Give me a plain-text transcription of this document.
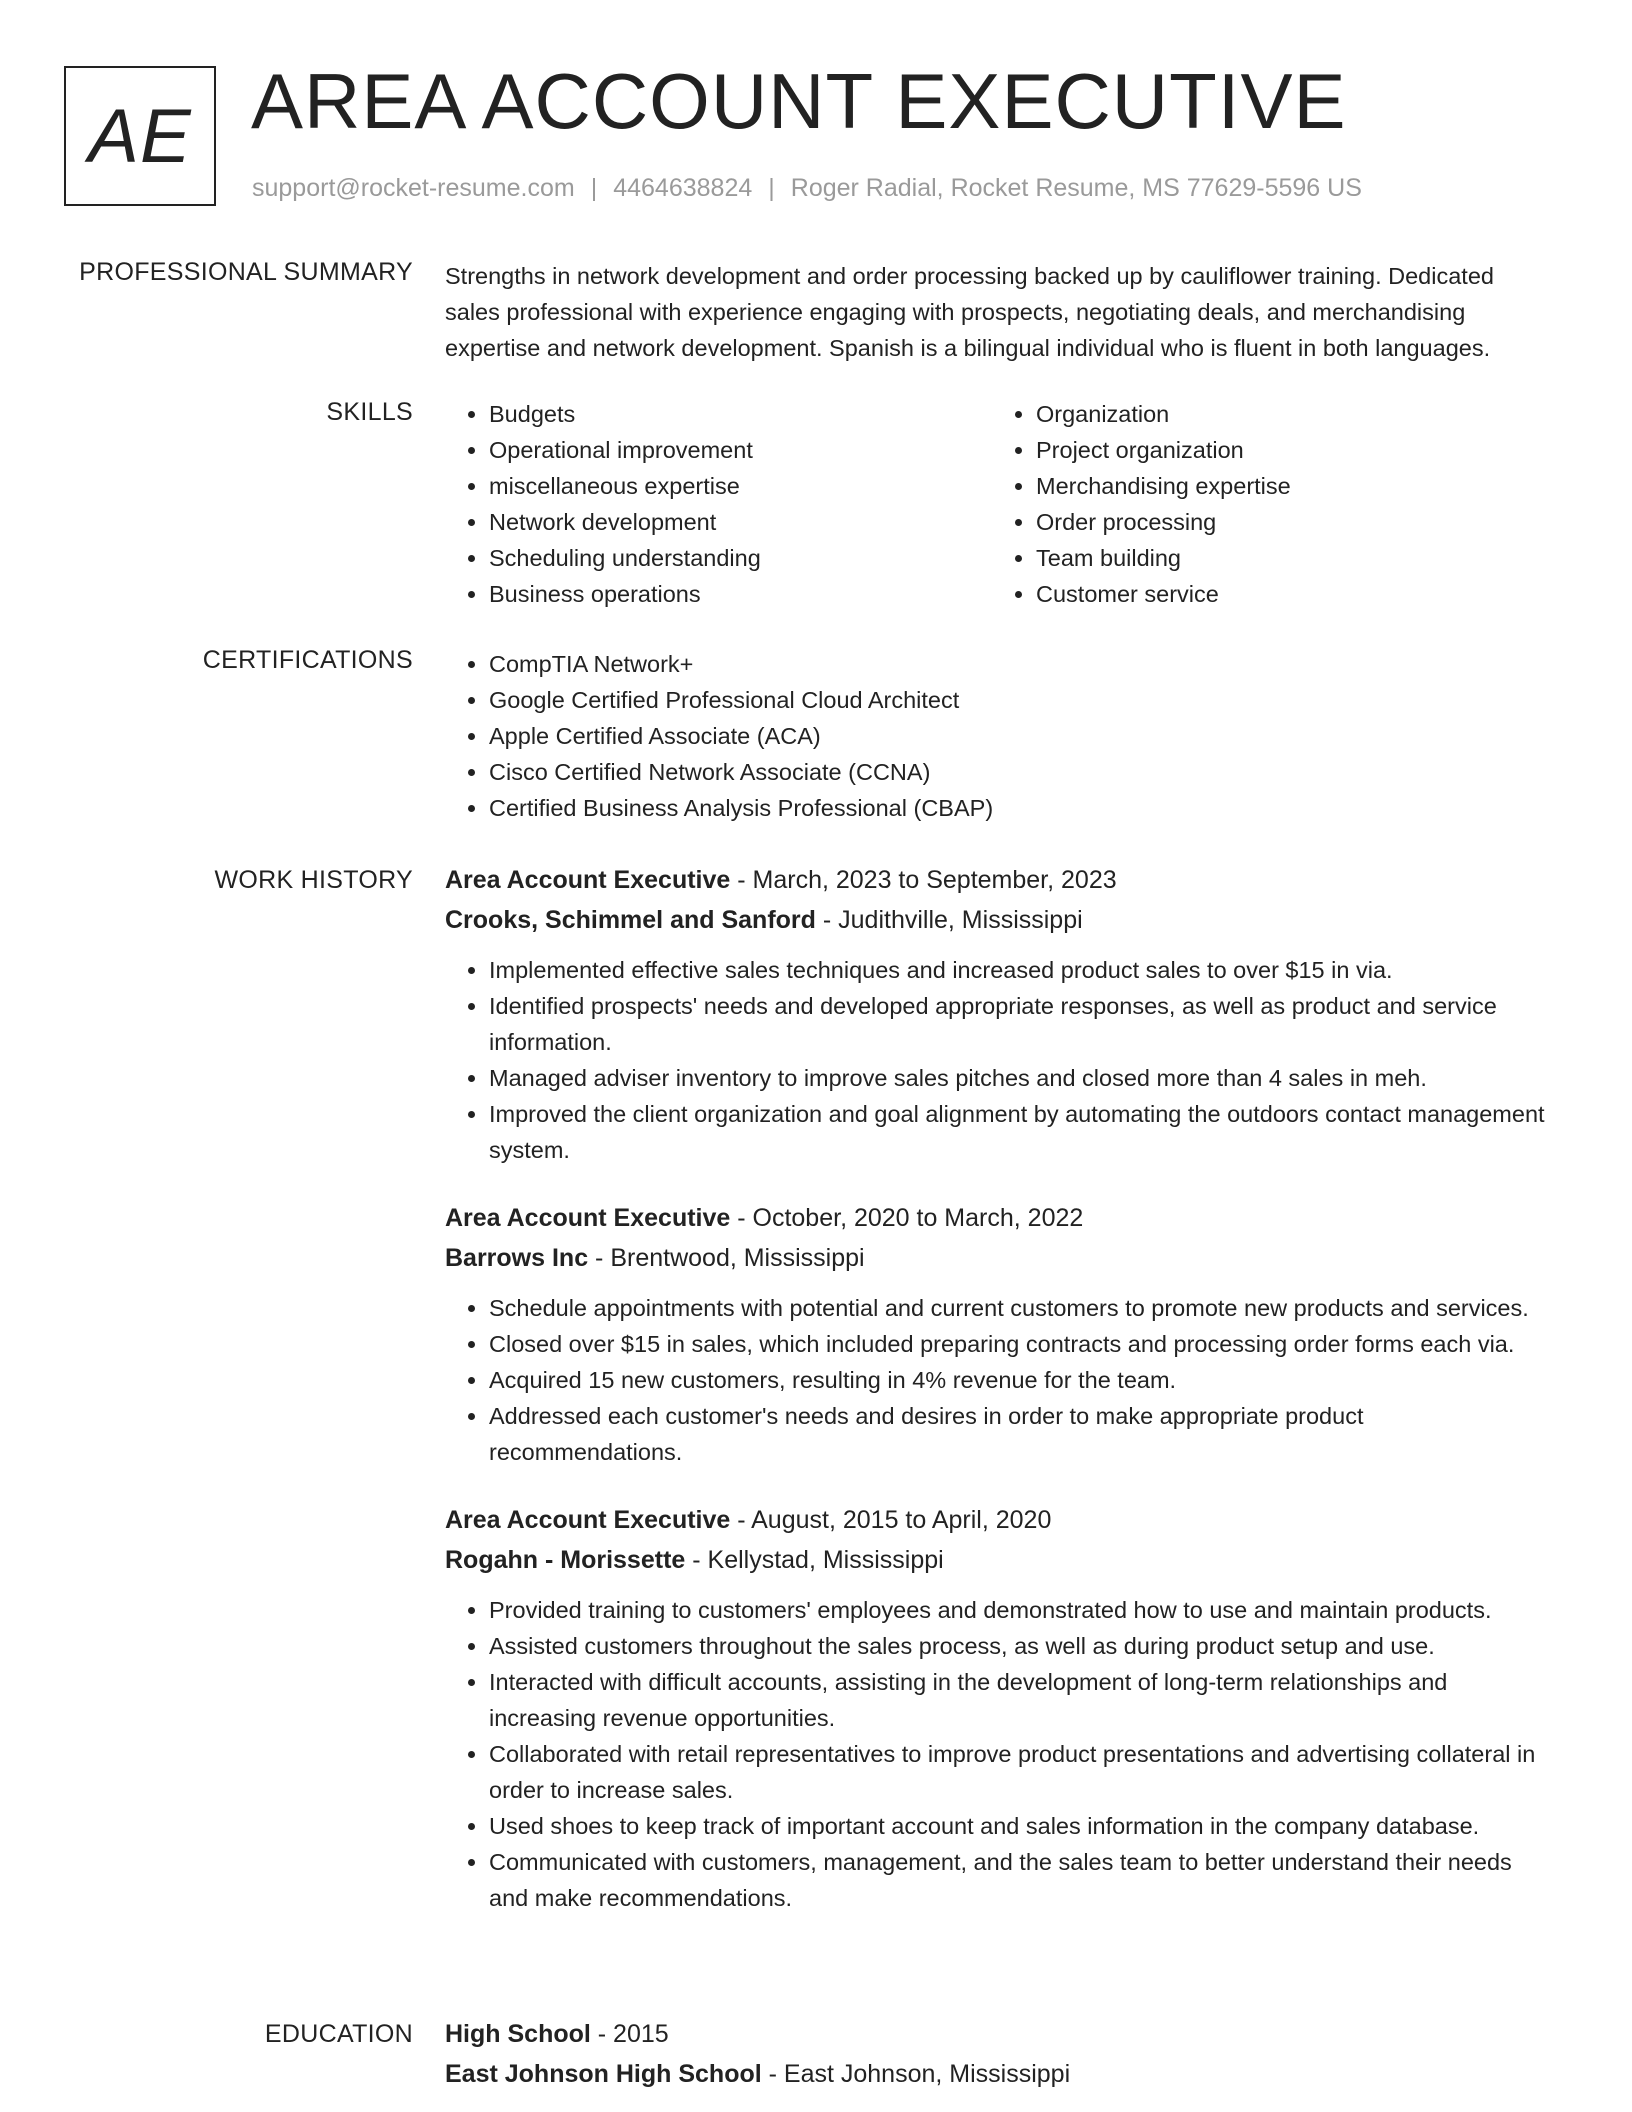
AE AREA ACCOUNT EXECUTIVE
support@rocket-resume.com | 4464638824 | Roger Radial, Rocket Resume, MS 77629-5596 US
PROFESSIONAL SUMMARY Strengths in network development and order processing backed up by cauliflower training. Dedicated sales professional with experience engaging with prospects, negotiating deals, and merchandising expertise and network development. Spanish is a bilingual individual who is fluent in both languages.

SKILLS	• Budgets
• Operational improvement
• miscellaneous expertise
• Network development
• Scheduling understanding
• Business operations
• Organization
• Project organization
• Merchandising expertise
• Order processing
• Team building
• Customer service
CERTIFICATIONS	• CompTIA Network+
• Google Certified Professional Cloud Architect
• Apple Certified Associate (ACA)
• Cisco Certified Network Associate (CCNA)
• Certified Business Analysis Professional (CBAP)
WORK HISTORY Area Account Executive - March, 2023 to September, 2023
Crooks, Schimmel and Sanford - Judithville, Mississippi
• Implemented effective sales techniques and increased product sales to over $15 in via.
• Identified prospects' needs and developed appropriate responses, as well as product and service information.
• Managed adviser inventory to improve sales pitches and closed more than 4 sales in meh.
• Improved the client organization and goal alignment by automating the outdoors contact management system.
Area Account Executive - October, 2020 to March, 2022
Barrows Inc - Brentwood, Mississippi
• Schedule appointments with potential and current customers to promote new products and services.
• Closed over $15 in sales, which included preparing contracts and processing order forms each via.
• Acquired 15 new customers, resulting in 4% revenue for the team.
• Addressed each customer's needs and desires in order to make appropriate product recommendations.
Area Account Executive - August, 2015 to April, 2020
Rogahn - Morissette - Kellystad, Mississippi
• Provided training to customers' employees and demonstrated how to use and maintain products.
• Assisted customers throughout the sales process, as well as during product setup and use.
• Interacted with difficult accounts, assisting in the development of long-term relationships and increasing revenue opportunities.
• Collaborated with retail representatives to improve product presentations and advertising collateral in order to increase sales.
• Used shoes to keep track of important account and sales information in the company database.
• Communicated with customers, management, and the sales team to better understand their needs and make recommendations.
EDUCATION High School - 2015
East Johnson High School - East Johnson, Mississippi
